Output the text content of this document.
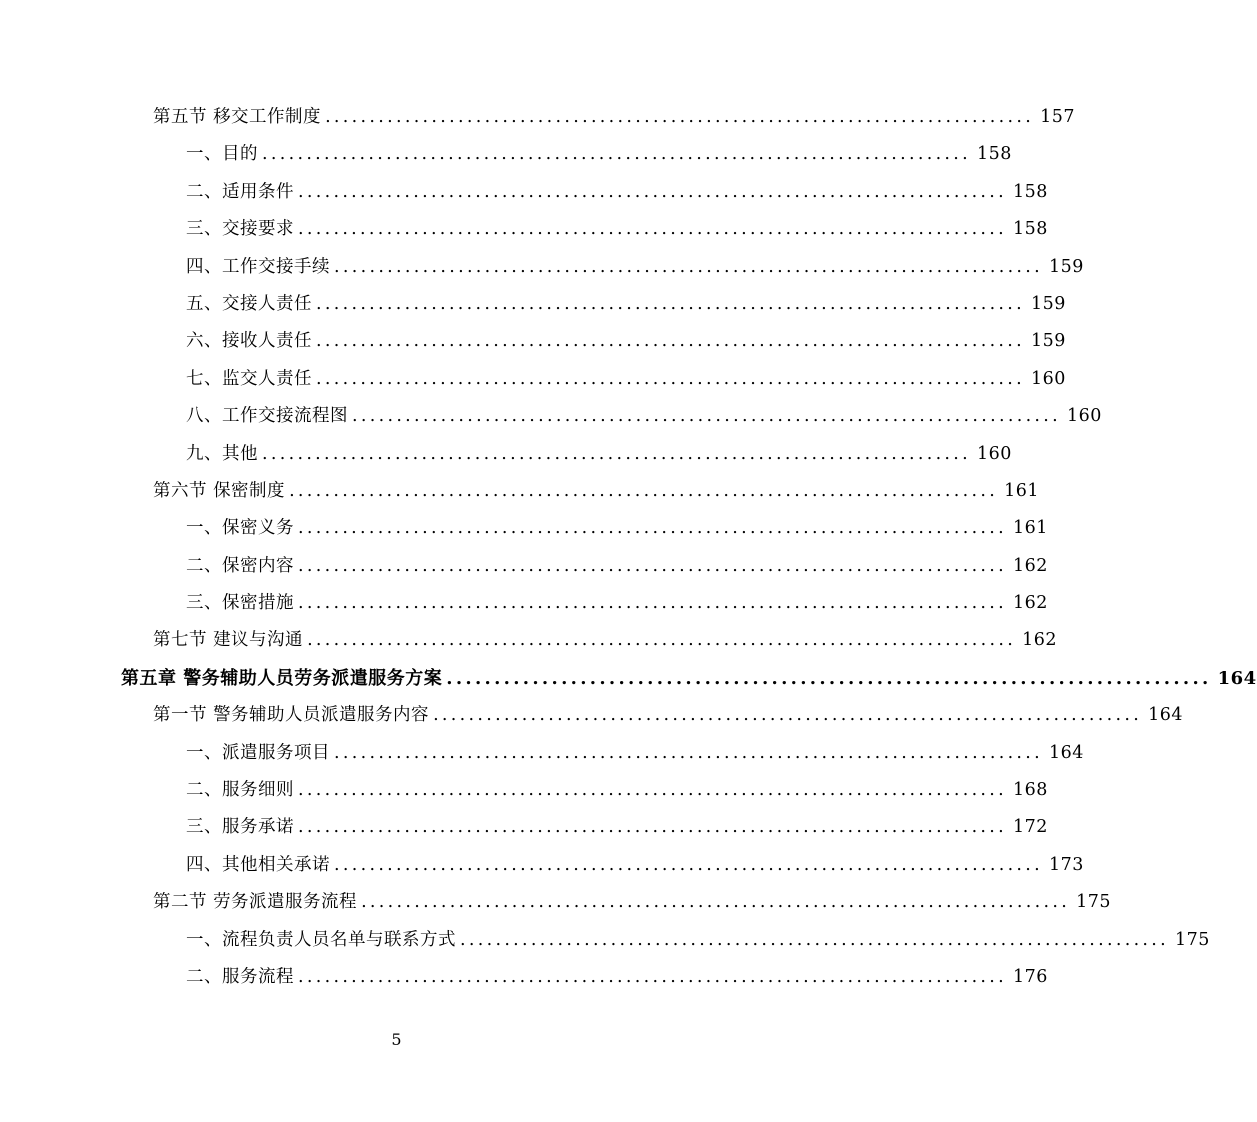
第五节 移交工作制度 ................................................................................ 157
一、目的 ................................................................................ 158
二、适用条件 ................................................................................ 158
三、交接要求 ................................................................................ 158
四、工作交接手续 ................................................................................ 159
五、交接人责任 ................................................................................ 159
六、接收人责任 ................................................................................ 159
七、监交人责任 ................................................................................ 160
八、工作交接流程图 ................................................................................ 160
九、其他 ................................................................................ 160
第六节 保密制度 ................................................................................ 161
一、保密义务 ................................................................................ 161
二、保密内容 ................................................................................ 162
三、保密措施 ................................................................................ 162
第七节 建议与沟通 ................................................................................ 162
第五章 警务辅助人员劳务派遣服务方案 ................................................................................ 164
第一节 警务辅助人员派遣服务内容 ................................................................................ 164
一、派遣服务项目 ................................................................................ 164
二、服务细则 ................................................................................ 168
三、服务承诺 ................................................................................ 172
四、其他相关承诺 ................................................................................ 173
第二节 劳务派遣服务流程 ................................................................................ 175
一、流程负责人员名单与联系方式 ................................................................................ 175
二、服务流程 ................................................................................ 176
5
